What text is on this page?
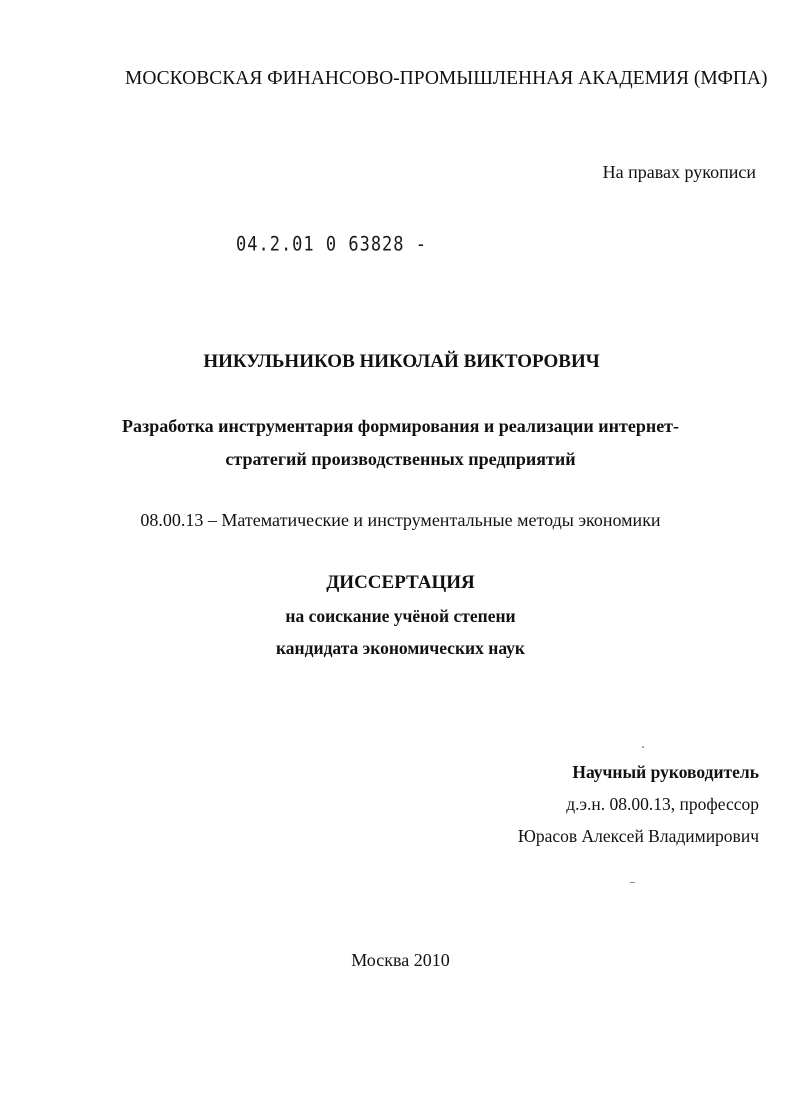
МОСКОВСКАЯ ФИНАНСОВО-ПРОМЫШЛЕННАЯ АКАДЕМИЯ (МФПА)
На правах рукописи
04.2.01 0 63828 -
НИКУЛЬНИКОВ НИКОЛАЙ ВИКТОРОВИЧ
Разработка инструментария формирования и реализации интернет-
стратегий производственных предприятий
08.00.13 – Математические и инструментальные методы экономики
ДИССЕРТАЦИЯ
на соискание учёной степени
кандидата экономических наук
Научный руководитель
д.э.н. 08.00.13, профессор
Юрасов Алексей Владимирович
Москва 2010
